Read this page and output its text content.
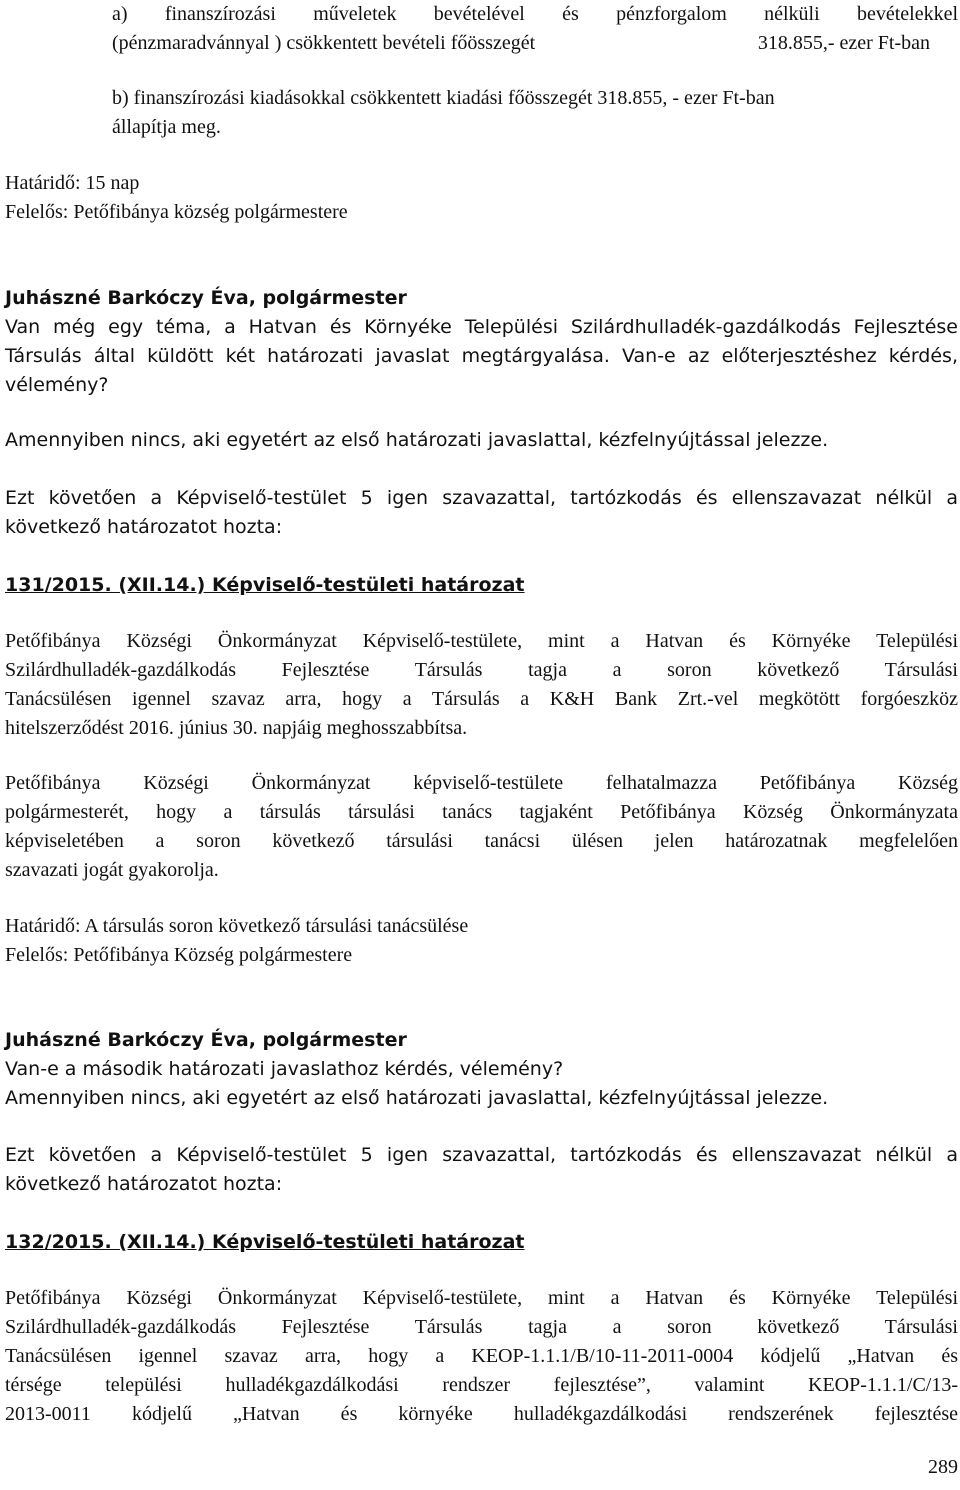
a) finanszírozási műveletek bevételével és pénzforgalom nélküli bevételekkel
(pénzmaradvánnyal ) csökkentett bevételi főösszegét	318.855,- ezer Ft-ban
b) finanszírozási kiadásokkal csökkentett kiadási főösszegét 318.855, - ezer Ft-ban
állapítja meg.
Határidő: 15 nap
Felelős: Petőfibánya község polgármestere
Juhászné Barkóczy Éva, polgármester
Van még egy téma, a Hatvan és Környéke Települési Szilárdhulladék-gazdálkodás Fejlesztése
Társulás által küldött két határozati javaslat megtárgyalása. Van-e az előterjesztéshez kérdés,
vélemény?
Amennyiben nincs, aki egyetért az első határozati javaslattal, kézfelnyújtással jelezze.
Ezt követően a Képviselő-testület 5 igen szavazattal, tartózkodás és ellenszavazat nélkül a
következő határozatot hozta:
131/2015. (XII.14.) Képviselő-testületi határozat
Petőfibánya Községi Önkormányzat Képviselő-testülete, mint a Hatvan és Környéke Települési
Szilárdhulladék-gazdálkodás Fejlesztése Társulás tagja a soron következő Társulási
Tanácsülésen igennel szavaz arra, hogy a Társulás a K&H Bank Zrt.-vel megkötött forgóeszköz
hitelszerződést 2016. június 30. napjáig meghosszabbítsa.
Petőfibánya Községi Önkormányzat képviselő-testülete felhatalmazza Petőfibánya Község
polgármesterét, hogy a társulás társulási tanács tagjaként Petőfibánya Község Önkormányzata
képviseletében a soron következő társulási tanácsi ülésen jelen határozatnak megfelelően
szavazati jogát gyakorolja.
Határidő: A társulás soron következő társulási tanácsülése
Felelős: Petőfibánya Község polgármestere
Juhászné Barkóczy Éva, polgármester
Van-e a második határozati javaslathoz kérdés, vélemény?
Amennyiben nincs, aki egyetért az első határozati javaslattal, kézfelnyújtással jelezze.
Ezt követően a Képviselő-testület 5 igen szavazattal, tartózkodás és ellenszavazat nélkül a
következő határozatot hozta:
132/2015. (XII.14.) Képviselő-testületi határozat
Petőfibánya Községi Önkormányzat Képviselő-testülete, mint a Hatvan és Környéke Települési
Szilárdhulladék-gazdálkodás Fejlesztése Társulás tagja a soron következő Társulási
Tanácsülésen igennel szavaz arra, hogy a KEOP-1.1.1/B/10-11-2011-0004 kódjelű „Hatvan és
térsége települési hulladékgazdálkodási rendszer fejlesztése”, valamint KEOP-1.1.1/C/13-
2013-0011 kódjelű „Hatvan és környéke hulladékgazdálkodási rendszerének fejlesztése
289
